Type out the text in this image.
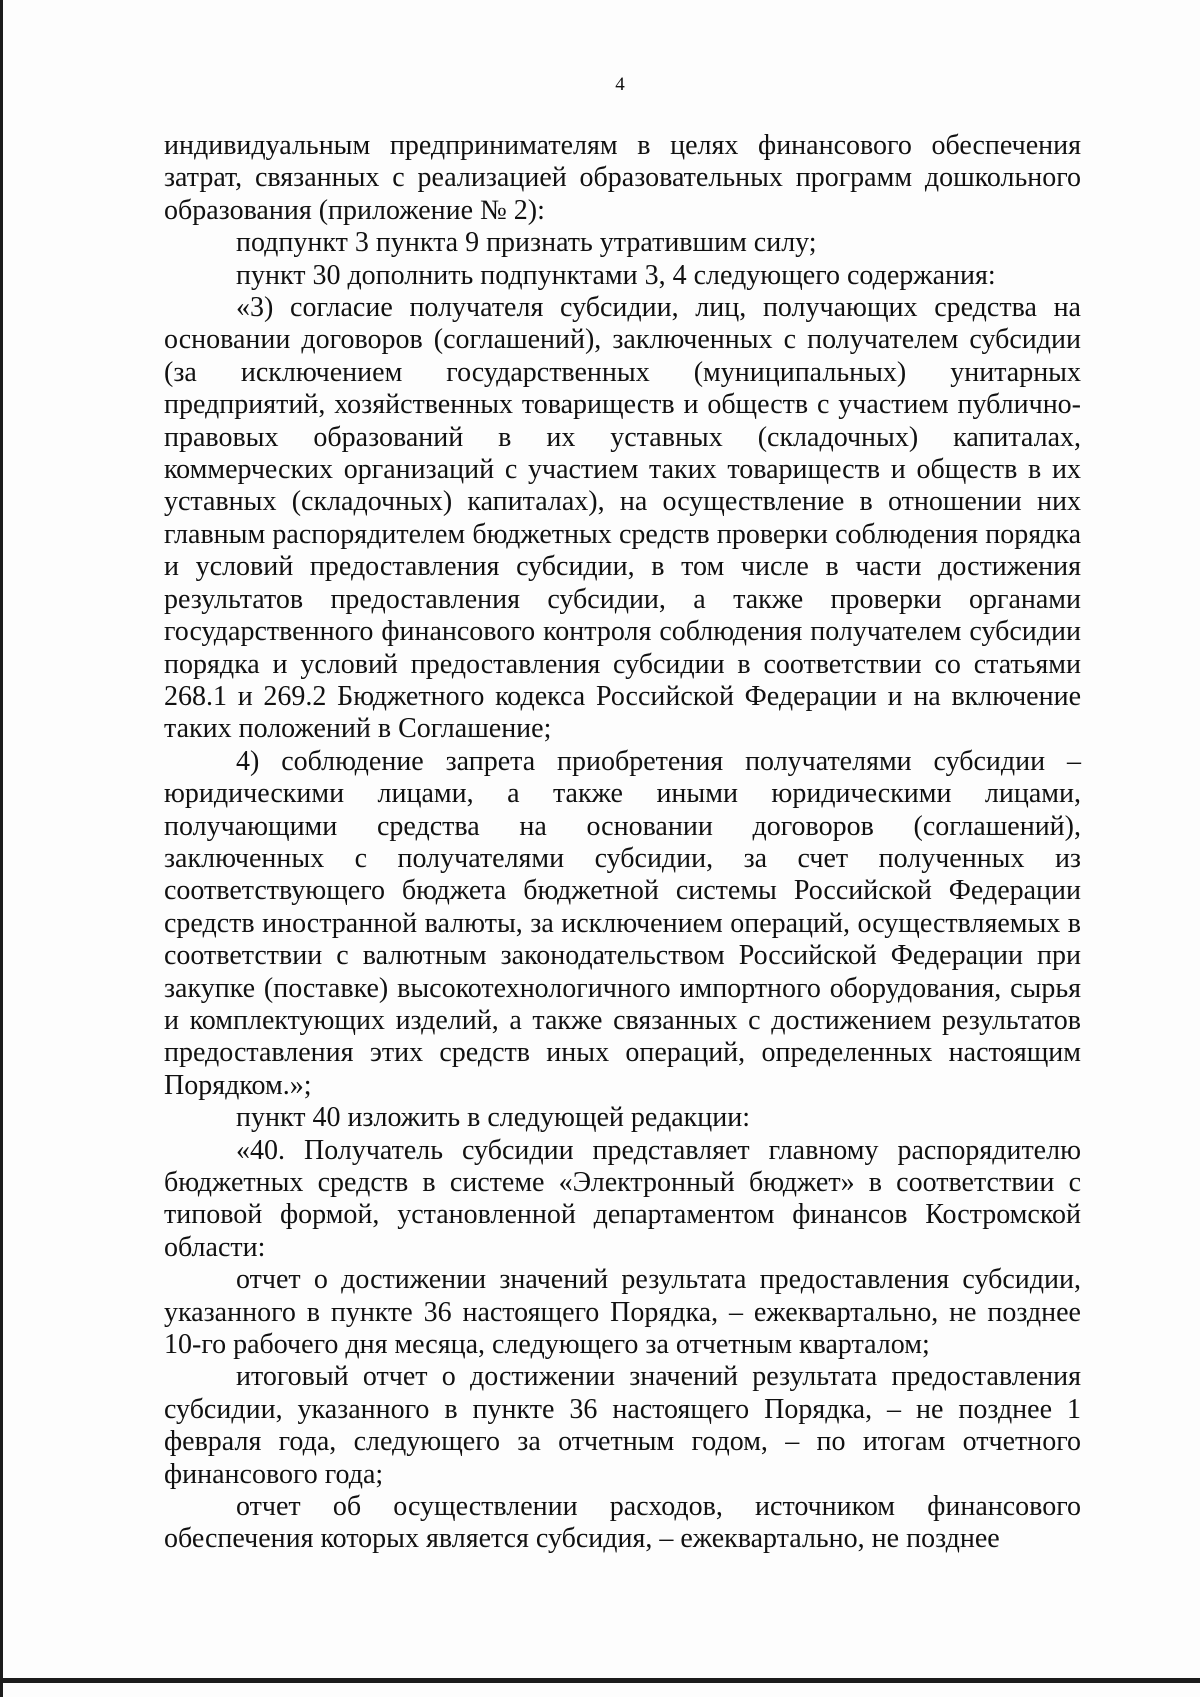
4

индивидуальным предпринимателям в целях финансового обеспечения затрат, связанных с реализацией образовательных программ дошкольного образования (приложение № 2):

подпункт 3 пункта 9 признать утратившим силу;

пункт 30 дополнить подпунктами 3, 4 следующего содержания:

«3) согласие получателя субсидии, лиц, получающих средства на основании договоров (соглашений), заключенных с получателем субсидии (за исключением государственных (муниципальных) унитарных предприятий, хозяйственных товариществ и обществ с участием публично-правовых образований в их уставных (складочных) капиталах, коммерческих организаций с участием таких товариществ и обществ в их уставных (складочных) капиталах), на осуществление в отношении них главным распорядителем бюджетных средств проверки соблюдения порядка и условий предоставления субсидии, в том числе в части достижения результатов предоставления субсидии, а также проверки органами государственного финансового контроля соблюдения получателем субсидии порядка и условий предоставления субсидии в соответствии со статьями 268.1 и 269.2 Бюджетного кодекса Российской Федерации и на включение таких положений в Соглашение;

4) соблюдение запрета приобретения получателями субсидии – юридическими лицами, а также иными юридическими лицами, получающими средства на основании договоров (соглашений), заключенных с получателями субсидии, за счет полученных из соответствующего бюджета бюджетной системы Российской Федерации средств иностранной валюты, за исключением операций, осуществляемых в соответствии с валютным законодательством Российской Федерации при закупке (поставке) высокотехнологичного импортного оборудования, сырья и комплектующих изделий, а также связанных с достижением результатов предоставления этих средств иных операций, определенных настоящим Порядком.»;

пункт 40 изложить в следующей редакции:

«40. Получатель субсидии представляет главному распорядителю бюджетных средств в системе «Электронный бюджет» в соответствии с типовой формой, установленной департаментом финансов Костромской области:

отчет о достижении значений результата предоставления субсидии, указанного в пункте 36 настоящего Порядка, – ежеквартально, не позднее 10-го рабочего дня месяца, следующего за отчетным кварталом;

итоговый отчет о достижении значений результата предоставления субсидии, указанного в пункте 36 настоящего Порядка, – не позднее 1 февраля года, следующего за отчетным годом, – по итогам отчетного финансового года;

отчет об осуществлении расходов, источником финансового обеспечения которых является субсидия, – ежеквартально, не позднее
